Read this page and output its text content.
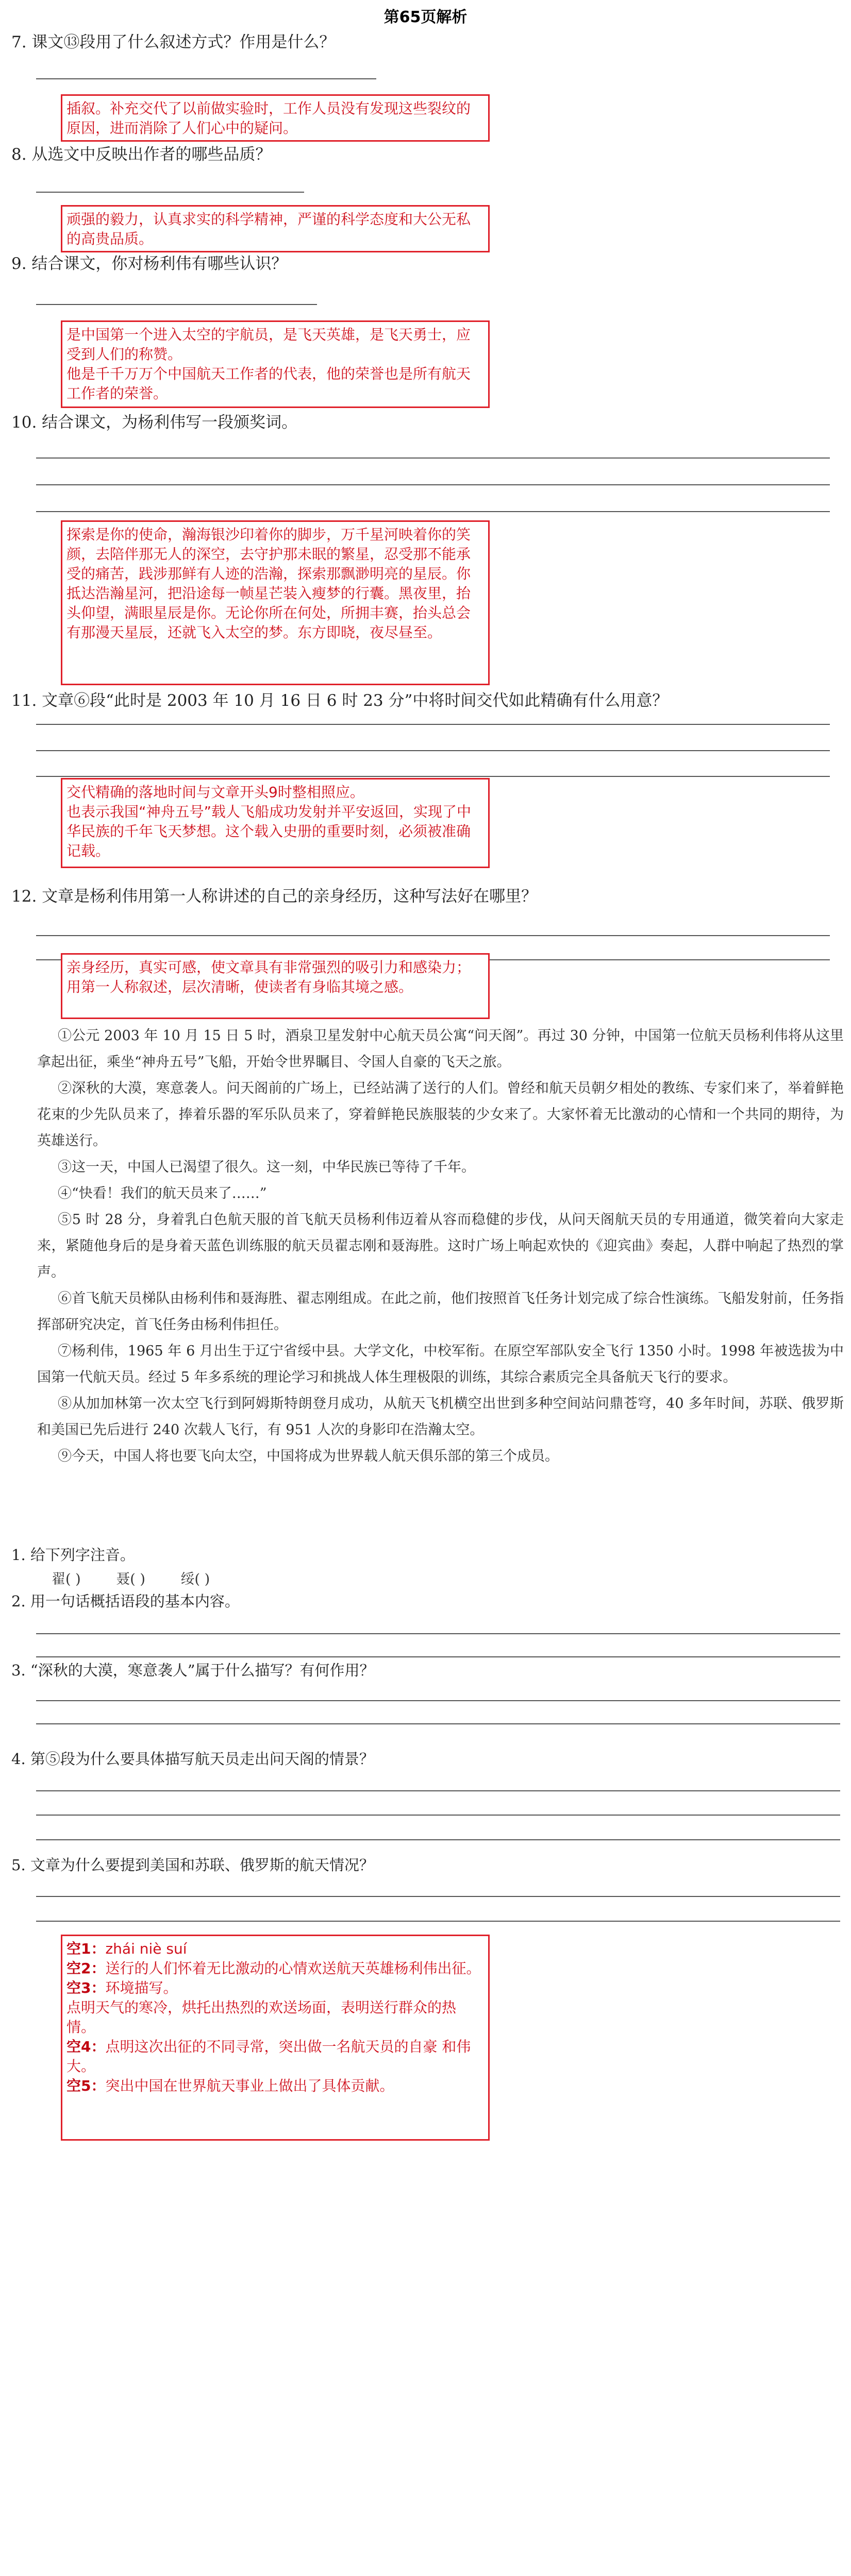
第65页解析
7. 课文⑬段用了什么叙述方式？作用是什么？

插叙。补充交代了以前做实验时，工作人员没有发现这些裂纹的原因，进而消除了人们心中的疑问。

8. 从选文中反映出作者的哪些品质？

顽强的毅力，认真求实的科学精神，严谨的科学态度和大公无私的高贵品质。

9. 结合课文，你对杨利伟有哪些认识？

是中国第一个进入太空的宇航员，是飞天英雄，是飞天勇士，应受到人们的称赞。

他是千千万万个中国航天工作者的代表，他的荣誉也是所有航天工作者的荣誉。

10. 结合课文，为杨利伟写一段颁奖词。

探索是你的使命，瀚海银沙印着你的脚步，万千星河映着你的笑颜，去陪伴那无人的深空，去守护那未眠的繁星，忍受那不能承受的痛苦，践涉那鲜有人迹的浩瀚，探索那飘渺明亮的星辰。你抵达浩瀚星河，把沿途每一帧星芒装入瘦梦的行囊。黑夜里，抬头仰望，满眼星辰是你。无论你所在何处，所拥丰赛，抬头总会有那漫天星辰，还就飞入太空的梦。东方即晓，夜尽昼至。

11. 文章⑥段“此时是 2003 年 10 月 16 日 6 时 23 分”中将时间交代如此精确有什么用意？

交代精确的落地时间与文章开头9时整相照应。

也表示我国“神舟五号”载人飞船成功发射并平安返回，实现了中华民族的千年飞天梦想。这个载入史册的重要时刻，必须被准确记载。

12. 文章是杨利伟用第一人称讲述的自己的亲身经历，这种写法好在哪里？

亲身经历，真实可感，使文章具有非常强烈的吸引力和感染力；用第一人称叙述，层次清晰，使读者有身临其境之感。

①公元 2003 年 10 月 15 日 5 时，酒泉卫星发射中心航天员公寓“问天阁”。再过 30 分钟，中国第一位航天员杨利伟将从这里拿起出征，乘坐“神舟五号”飞船，开始令世界瞩目、令国人自豪的飞天之旅。

②深秋的大漠，寒意袭人。问天阁前的广场上，已经站满了送行的人们。曾经和航天员朝夕相处的教练、专家们来了，举着鲜艳花束的少先队员来了，捧着乐器的军乐队员来了，穿着鲜艳民族服装的少女来了。大家怀着无比激动的心情和一个共同的期待，为英雄送行。

③这一天，中国人已渴望了很久。这一刻，中华民族已等待了千年。

④“快看！我们的航天员来了……”

⑤5 时 28 分，身着乳白色航天服的首飞航天员杨利伟迈着从容而稳健的步伐，从问天阁航天员的专用通道，微笑着向大家走来，紧随他身后的是身着天蓝色训练服的航天员翟志刚和聂海胜。这时广场上响起欢快的《迎宾曲》奏起，人群中响起了热烈的掌声。

⑥首飞航天员梯队由杨利伟和聂海胜、翟志刚组成。在此之前，他们按照首飞任务计划完成了综合性演练。飞船发射前，任务指挥部研究决定，首飞任务由杨利伟担任。

⑦杨利伟，1965 年 6 月出生于辽宁省绥中县。大学文化，中校军衔。在原空军部队安全飞行 1350 小时。1998 年被选拔为中国第一代航天员。经过 5 年多系统的理论学习和挑战人体生理极限的训练，其综合素质完全具备航天飞行的要求。

⑧从加加林第一次太空飞行到阿姆斯特朗登月成功，从航天飞机横空出世到多种空间站问鼎苍穹，40 多年时间，苏联、俄罗斯和美国已先后进行 240 次载人飞行，有 951 人次的身影印在浩瀚太空。

⑨今天，中国人将也要飞向太空，中国将成为世界载人航天俱乐部的第三个成员。

1. 给下列字注音。
翟( )	聂( )	绥( )
2. 用一句话概括语段的基本内容。
3. “深秋的大漠，寒意袭人”属于什么描写？有何作用？
4. 第⑤段为什么要具体描写航天员走出问天阁的情景？
5. 文章为什么要提到美国和苏联、俄罗斯的航天情况？

空1：zhái niè suí

空2：送行的人们怀着无比激动的心情欢送航天英雄杨利伟出征。

空3：环境描写。

点明天气的寒冷，烘托出热烈的欢送场面，表明送行群众的热情。

空4：点明这次出征的不同寻常，突出做一名航天员的自豪 和伟大。

空5：突出中国在世界航天事业上做出了具体贡献。
